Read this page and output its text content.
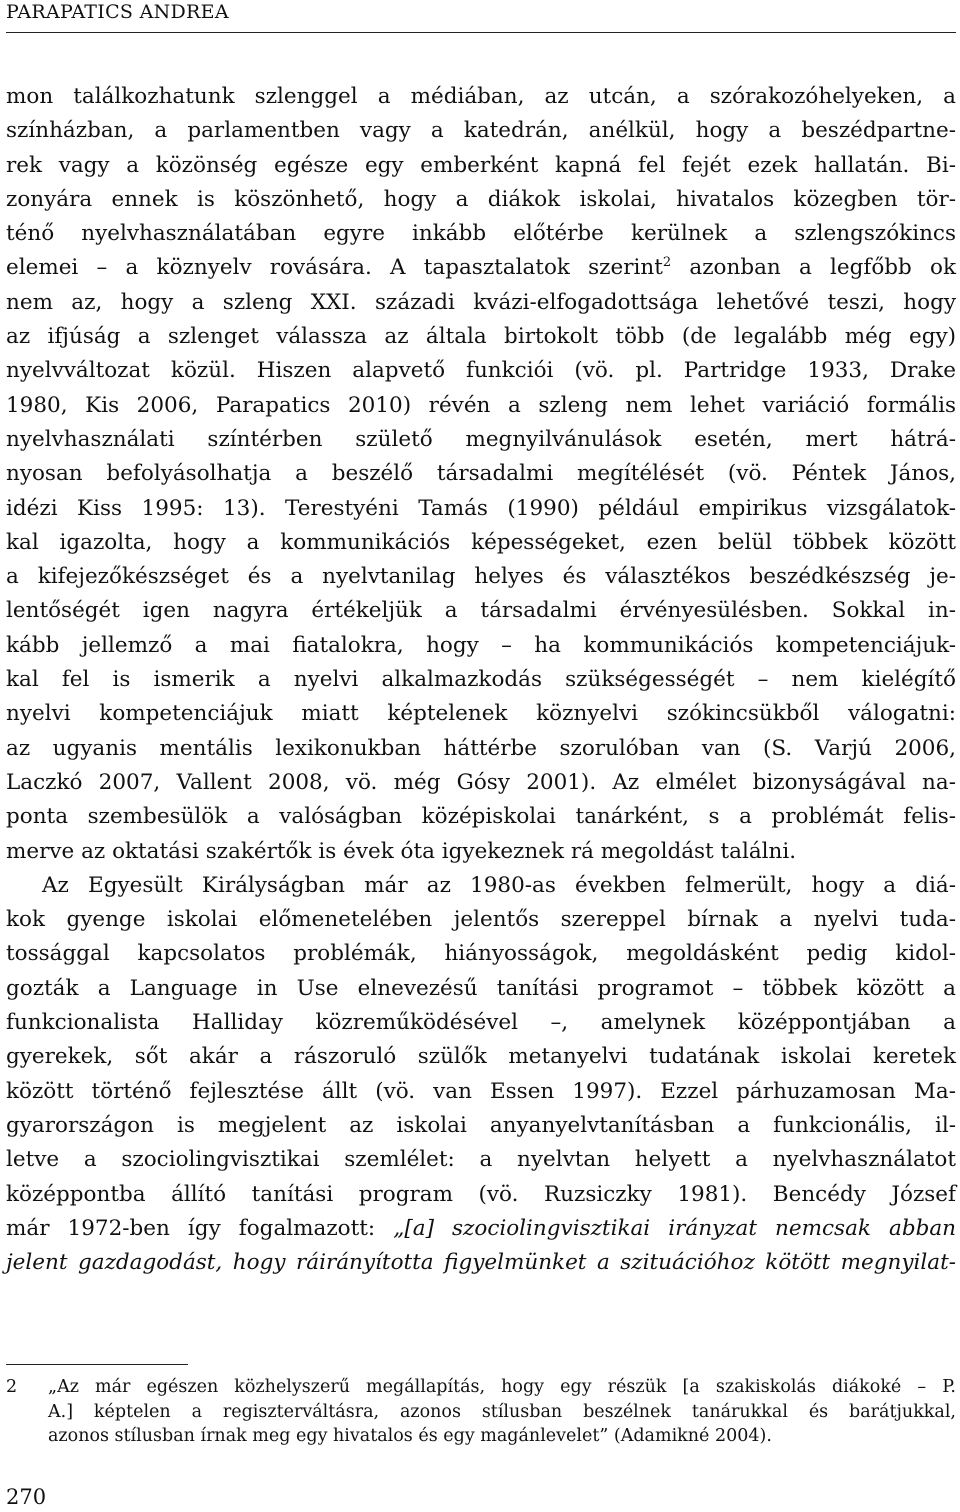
PARAPATICS ANDREA
mon találkozhatunk szlenggel a médiában, az utcán, a szórakozóhelyeken, a
színházban, a parlamentben vagy a katedrán, anélkül, hogy a beszédpartne-
rek vagy a közönség egésze egy emberként kapná fel fejét ezek hallatán. Bi-
zonyára ennek is köszönhető, hogy a diákok iskolai, hivatalos közegben tör-
ténő nyelvhasználatában egyre inkább előtérbe kerülnek a szlengszókincs
elemei – a köznyelv rovására. A tapasztalatok szerint$^2$ azonban a legfőbb ok
nem az, hogy a szleng XXI. századi kvázi-elfogadottsága lehetővé teszi, hogy
az ifjúság a szlenget válassza az általa birtokolt több (de legalább még egy)
nyelvváltozat közül. Hiszen alapvető funkciói (vö. pl. Partridge 1933, Drake
1980, Kis 2006, Parapatics 2010) révén a szleng nem lehet variáció formális
nyelvhasználati színtérben születő megnyilvánulások esetén, mert hátrá-
nyosan befolyásolhatja a beszélő társadalmi megítélését (vö. Péntek János,
idézi Kiss 1995: 13). Terestyéni Tamás (1990) például empirikus vizsgálatok-
kal igazolta, hogy a kommunikációs képességeket, ezen belül többek között
a kifejezőkészséget és a nyelvtanilag helyes és választékos beszédkészség je-
lentőségét igen nagyra értékeljük a társadalmi érvényesülésben. Sokkal in-
kább jellemző a mai fiatalokra, hogy – ha kommunikációs kompetenciájuk-
kal fel is ismerik a nyelvi alkalmazkodás szükségességét – nem kielégítő
nyelvi kompetenciájuk miatt képtelenek köznyelvi szókincsükből válogatni:
az ugyanis mentális lexikonukban háttérbe szorulóban van (S. Varjú 2006,
Laczkó 2007, Vallent 2008, vö. még Gósy 2001). Az elmélet bizonyságával na-
ponta szembesülök a valóságban középiskolai tanárként, s a problémát felis-
merve az oktatási szakértők is évek óta igyekeznek rá megoldást találni.
Az Egyesült Királyságban már az 1980-as években felmerült, hogy a diá-
kok gyenge iskolai előmenetelében jelentős szereppel bírnak a nyelvi tuda-
tossággal kapcsolatos problémák, hiányosságok, megoldásként pedig kidol-
gozták a Language in Use elnevezésű tanítási programot – többek között a
funkcionalista Halliday közreműködésével –, amelynek középpontjában a
gyerekek, sőt akár a rászoruló szülők metanyelvi tudatának iskolai keretek
között történő fejlesztése állt (vö. van Essen 1997). Ezzel párhuzamosan Ma-
gyarországon is megjelent az iskolai anyanyelvtanításban a funkcionális, il-
letve a szociolingvisztikai szemlélet: a nyelvtan helyett a nyelvhasználatot
középpontba állító tanítási program (vö. Ruzsiczky 1981). Bencédy József
már 1972-ben így fogalmazott: „[a] szociolingvisztikai irányzat nemcsak abban
jelent gazdagodást, hogy ráirányította figyelmünket a szituációhoz kötött megnyilat-
2 „Az már egészen közhelyszerű megállapítás, hogy egy részük [a szakiskolás diákoké – P.
A.] képtelen a regiszterváltásra, azonos stílusban beszélnek tanárukkal és barátjukkal,
azonos stílusban írnak meg egy hivatalos és egy magánlevelet” (Adamikné 2004).
270
